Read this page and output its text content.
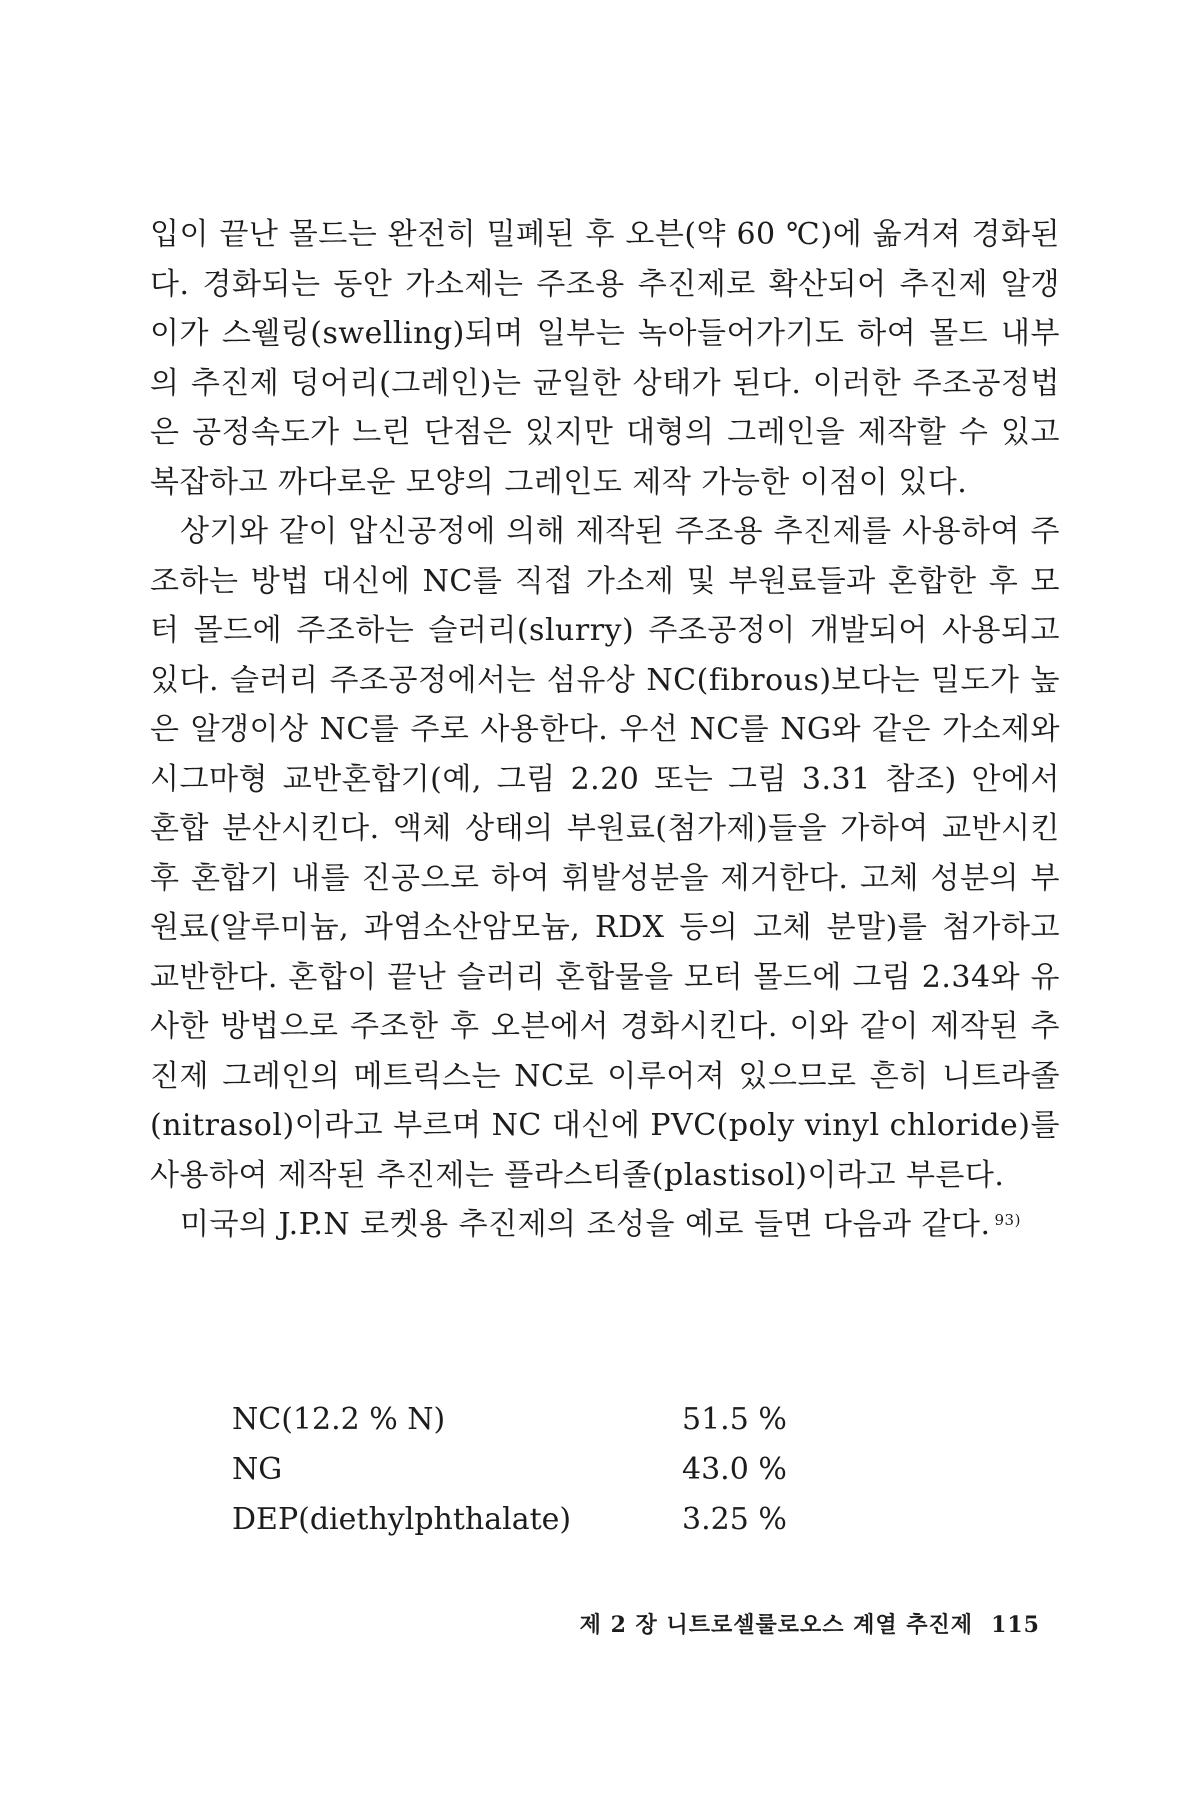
입이 끝난 몰드는 완전히 밀폐된 후 오븐(약 60 ℃)에 옮겨져 경화된다. 경화되는 동안 가소제는 주조용 추진제로 확산되어 추진제 알갱이가 스웰링(swelling)되며 일부는 녹아들어가기도 하여 몰드 내부의 추진제 덩어리(그레인)는 균일한 상태가 된다. 이러한 주조공정법은 공정속도가 느린 단점은 있지만 대형의 그레인을 제작할 수 있고 복잡하고 까다로운 모양의 그레인도 제작 가능한 이점이 있다.

상기와 같이 압신공정에 의해 제작된 주조용 추진제를 사용하여 주조하는 방법 대신에 NC를 직접 가소제 및 부원료들과 혼합한 후 모터 몰드에 주조하는 슬러리(slurry) 주조공정이 개발되어 사용되고 있다. 슬러리 주조공정에서는 섬유상 NC(fibrous)보다는 밀도가 높은 알갱이상 NC를 주로 사용한다. 우선 NC를 NG와 같은 가소제와 시그마형 교반혼합기(예, 그림 2.20 또는 그림 3.31 참조) 안에서 혼합 분산시킨다. 액체 상태의 부원료(첨가제)들을 가하여 교반시킨 후 혼합기 내를 진공으로 하여 휘발성분을 제거한다. 고체 성분의 부원료(알루미늄, 과염소산암모늄, RDX 등의 고체 분말)를 첨가하고 교반한다. 혼합이 끝난 슬러리 혼합물을 모터 몰드에 그림 2.34와 유사한 방법으로 주조한 후 오븐에서 경화시킨다. 이와 같이 제작된 추진제 그레인의 메트릭스는 NC로 이루어져 있으므로 흔히 니트라졸(nitrasol)이라고 부르며 NC 대신에 PVC(poly vinyl chloride)를 사용하여 제작된 추진제는 플라스티졸(plastisol)이라고 부른다.

미국의 J.P.N 로켓용 추진제의 조성을 예로 들면 다음과 같다. $^{93)}$

NC(12.2 % N)	51.5 %
NG	43.0 %
DEP(diethylphthalate)	3.25 %
제 2 장 니트로셀룰로오스 계열 추진제 115
